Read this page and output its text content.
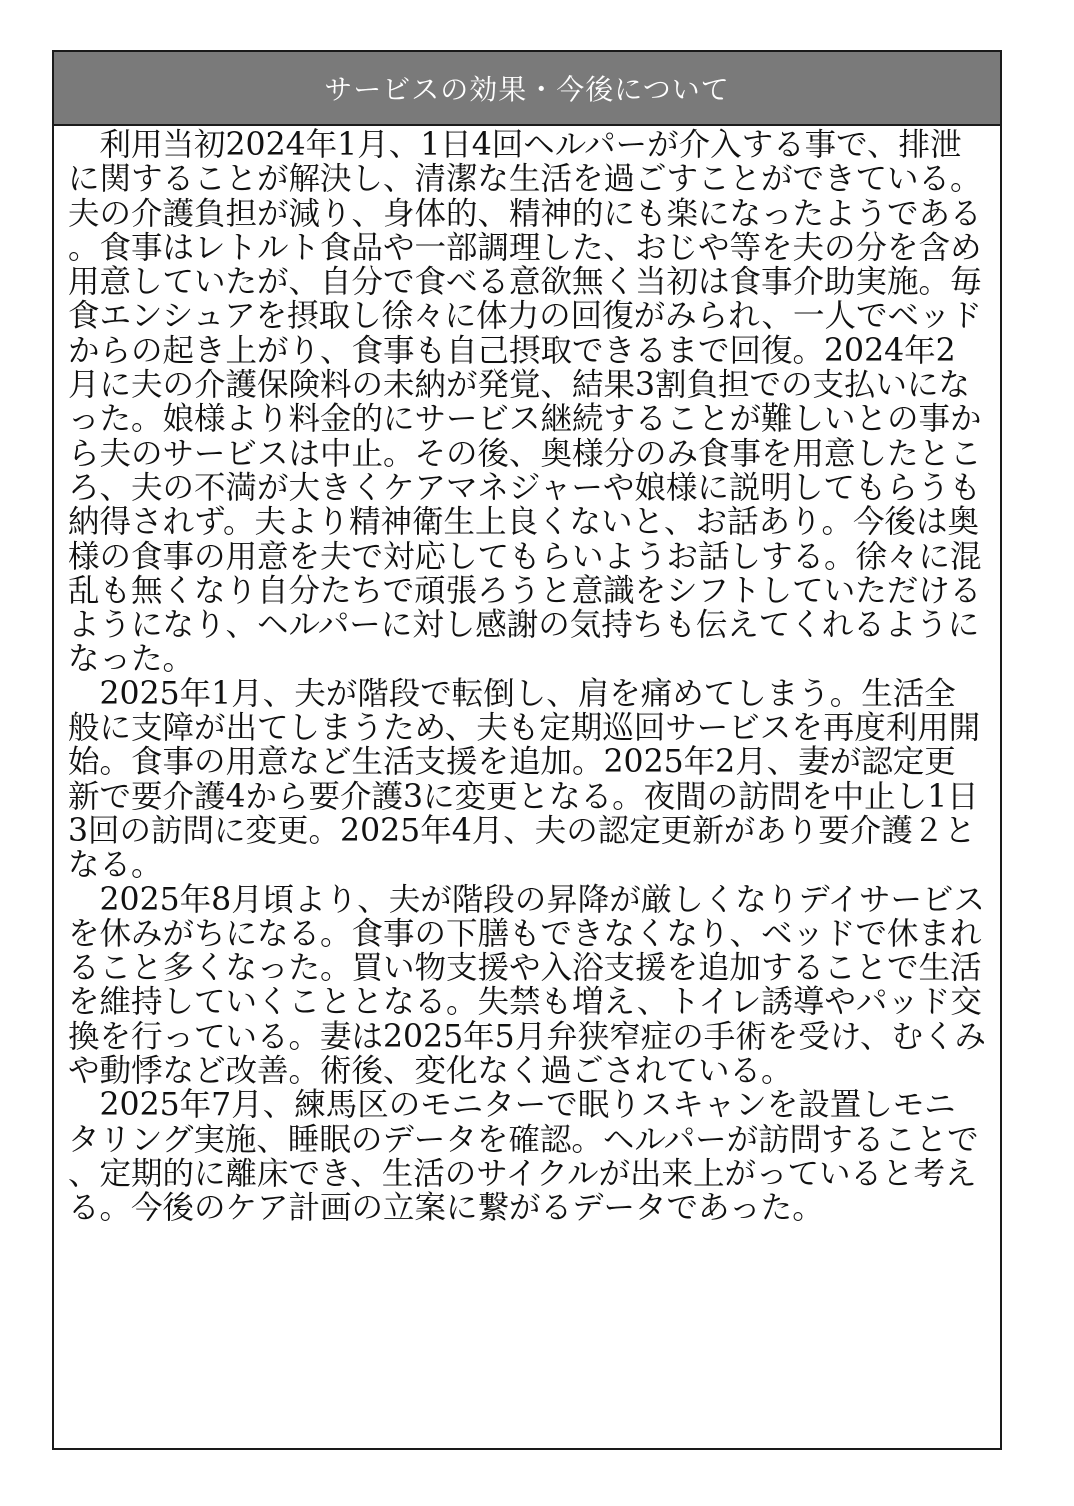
サービスの効果・今後について

利用当初2024年1月、1日4回ヘルパーが介入する事で、排泄に関することが解決し、清潔な生活を過ごすことができている。夫の介護負担が減り、身体的、精神的にも楽になったようである。食事はレトルト食品や一部調理した、おじや等を夫の分を含め用意していたが、自分で食べる意欲無く当初は食事介助実施。毎食エンシュアを摂取し徐々に体力の回復がみられ、一人でベッドからの起き上がり、食事も自己摂取できるまで回復。2024年2月に夫の介護保険料の未納が発覚、結果3割負担での支払いになった。娘様より料金的にサービス継続することが難しいとの事から夫のサービスは中止。その後、奥様分のみ食事を用意したところ、夫の不満が大きくケアマネジャーや娘様に説明してもらうも納得されず。夫より精神衛生上良くないと、お話あり。今後は奥様の食事の用意を夫で対応してもらいようお話しする。徐々に混乱も無くなり自分たちで頑張ろうと意識をシフトしていただけるようになり、ヘルパーに対し感謝の気持ちも伝えてくれるようになった。

2025年1月、夫が階段で転倒し、肩を痛めてしまう。生活全般に支障が出てしまうため、夫も定期巡回サービスを再度利用開始。食事の用意など生活支援を追加。2025年2月、妻が認定更新で要介護4から要介護3に変更となる。夜間の訪問を中止し1日3回の訪問に変更。2025年4月、夫の認定更新があり要介護２となる。

2025年8月頃より、夫が階段の昇降が厳しくなりデイサービスを休みがちになる。食事の下膳もできなくなり、ベッドで休まれること多くなった。買い物支援や入浴支援を追加することで生活を維持していくこととなる。失禁も増え、トイレ誘導やパッド交換を行っている。妻は2025年5月弁狭窄症の手術を受け、むくみや動悸など改善。術後、変化なく過ごされている。

2025年7月、練馬区のモニターで眠りスキャンを設置しモニタリング実施、睡眠のデータを確認。ヘルパーが訪問することで、定期的に離床でき、生活のサイクルが出来上がっていると考える。今後のケア計画の立案に繋がるデータであった。
